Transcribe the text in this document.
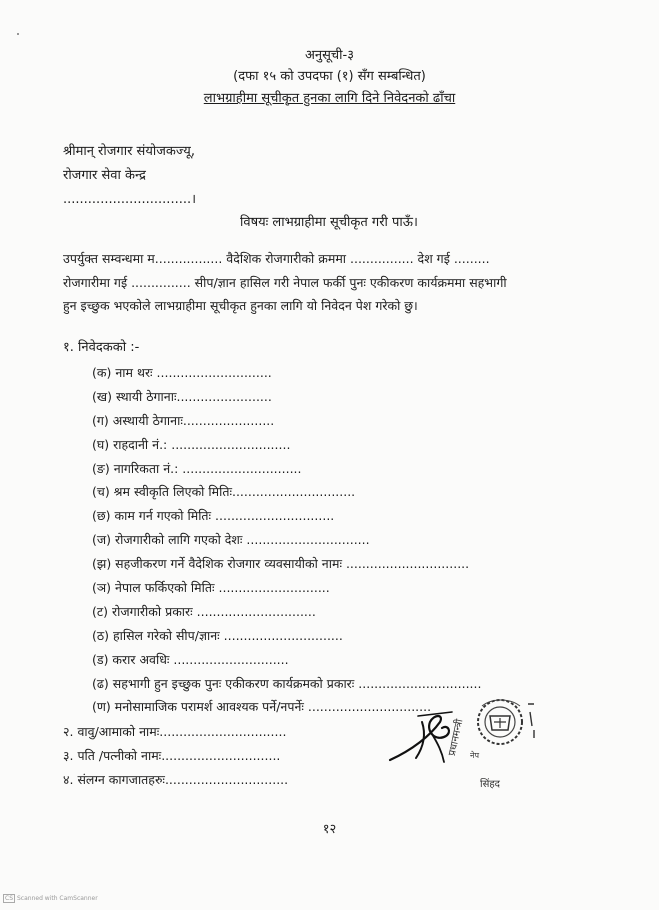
अनुसूची-३
(दफा १५ को उपदफा (१) सँग सम्बन्धित)
लाभग्राहीमा सूचीकृत हुनका लागि दिने निवेदनको ढाँचा
श्रीमान् रोजगार संयोजकज्यू,
रोजगार सेवा केन्द्र
...............................।
विषयः लाभग्राहीमा सूचीकृत गरी पाऊँ।
उपर्युक्त सम्वन्धमा म................. वैदेशिक रोजगारीको क्रममा ................ देश गई .........
रोजगारीमा गई ............... सीप/ज्ञान हासिल गरी नेपाल फर्की पुनः एकीकरण कार्यक्रममा सहभागी
हुन इच्छुक भएकोले लाभग्राहीमा सूचीकृत हुनका लागि यो निवेदन पेश गरेको छु।
१. निवेदकको :-
(क) नाम थरः .............................
(ख) स्थायी ठेगानाः........................
(ग) अस्थायी ठेगानाः.......................
(घ) राहदानी नं.: ..............................
(ङ) नागरिकता नं.: ..............................
(च) श्रम स्वीकृति लिएको मितिः...............................
(छ) काम गर्न गएको मितिः ..............................
(ज) रोजगारीको लागि गएको देशः ...............................
(झ) सहजीकरण गर्ने वैदेशिक रोजगार व्यवसायीको नामः ...............................
(ञ) नेपाल फर्किएको मितिः ............................
(ट) रोजगारीको प्रकारः ..............................
(ठ) हासिल गरेको सीप/ज्ञानः ..............................
(ड) करार अवधिः .............................
(ढ) सहभागी हुन इच्छुक पुनः एकीकरण कार्यक्रमको प्रकारः ...............................
(ण) मनोसामाजिक परामर्श आवश्यक पर्ने/नपर्नेः ...............................
२. वावु/आमाको नामः................................
३. पति /पत्नीको नामः..............................
४. संलग्न कागजातहरुः...............................
प्रधानमन्त्री
सिंहद
नेप
१२
CS Scanned with CamScanner
